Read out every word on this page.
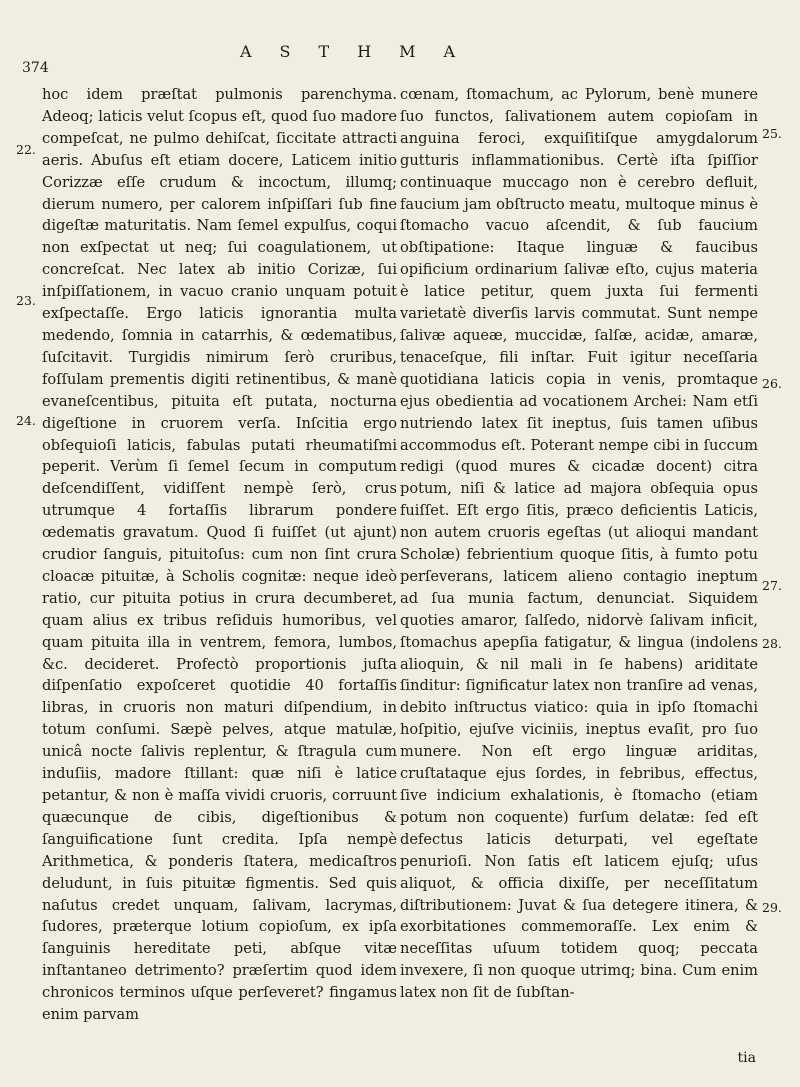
374
ASTHMA
22.
23.
24.

hoc idem præſtat pulmonis parenchyma. Adeoq; laticis velut ſcopus eſt, quod ſuo madore compeſcat, ne pulmo dehiſcat, ſiccitate attracti aeris. Abuſus eſt etiam docere, Laticem initio Corizzæ eſſe crudum & incoctum, illumq; dierum numero, per calorem inſpiſſari ſub fine digeſtæ maturitatis. Nam ſemel expulſus, coqui non exſpectat ut neq; ſui coagulationem, ut concreſcat. Nec latex ab initio Corizæ, ſui inſpiſſationem, in vacuo cranio unquam potuit exſpectaſſe. Ergo laticis ignorantia multa medendo, ſomnia in catarrhis, & œdematibus, ſuſcitavit. Turgidis nimirum ſerò cruribus, foſſulam prementis digiti retinentibus, & manè evaneſcentibus, pituita eſt putata, nocturna digeſtione in cruorem verſa. Inſcitia ergo obſequioſi laticis, fabulas putati rheumatiſmi peperit. Verùm ſi ſemel ſecum in computum deſcendiſſent, vidiſſent nempè ſerò, crus utrumque 4 fortaſſis librarum pondere œdematis gravatum. Quod ſi fuiſſet (ut ajunt) crudior ſanguis, pituitoſus: cum non ſint crura cloacæ pituitæ, à Scholis cognitæ: neque ideò ratio, cur pituita potius in crura decumberet, quam alius ex tribus reſiduis humoribus, vel quam pituita illa in ventrem, femora, lumbos, &c. decideret. Profectò proportionis juſta diſpenſatio expoſceret quotidie 40 fortaſſis libras, in cruoris non maturi diſpendium, in totum conſumi. Sæpè pelves, atque matulæ, unicâ nocte ſalivis replentur, & ſtragula cum induſiis, madore ſtillant: quæ niſi è latice petantur, & non è maſſa vividi cruoris, corruunt quæcunque de cibis, digeſtionibus & ſanguificatione ſunt credita. Ipſa nempè Arithmetica, & ponderis ſtatera, medicaſtros deludunt, in ſuis pituitæ figmentis. Sed quis naſutus credet unquam, ſalivam, lacrymas, ſudores, præterque lotium copioſum, ex ipſa ſanguinis hereditate peti, abſque vitæ inſtantaneo detrimento? præſertim quod idem chronicos terminos uſque perſeveret? fingamus enim parvam

cœnam, ſtomachum, ac Pylorum, benè munere ſuo functos, ſalivationem autem copioſam in anguina feroci, exquiſitiſque amygdalorum gutturis inflammationibus. Certè iſta ſpiſſior continuaque muccago non è cerebro defluit, faucium jam obſtructo meatu, multoque minus è ſtomacho vacuo aſcendit, & ſub faucium obſtipatione: Itaque linguæ & faucibus opificium ordinarium ſalivæ eſto, cujus materia è latice petitur, quem juxta ſui fermenti varietatè diverſis larvis commutat. Sunt nempe ſalivæ aqueæ, muccidæ, ſalſæ, acidæ, amaræ, tenaceſque, fili inſtar. Fuit igitur neceſſaria quotidiana laticis copia in venis, promtaque ejus obedientia ad vocationem Archei: Nam etſi nutriendo latex ſit ineptus, ſuis tamen uſibus accommodus eſt. Poterant nempe cibi in ſuccum redigi (quod mures & cicadæ docent) citra potum, niſi & latice ad majora obſequia opus fuiſſet. Eſt ergo ſitis, præco deficientis Laticis, non autem cruoris egeſtas (ut alioqui mandant Scholæ) febrientium quoque ſitis, à fumto potu perſeverans, laticem alieno contagio ineptum ad ſua munia factum, denunciat. Siquidem quoties amaror, ſalſedo, nidorvè ſalivam inficit, ſtomachus apepſia fatigatur, & lingua (indolens alioquin, & nil mali in ſe habens) ariditate ſinditur: ſignificatur latex non tranſire ad venas, debito inſtructus viatico: quia in ipſo ſtomachi hoſpitio, ejuſve viciniis, ineptus evaſit, pro ſuo munere. Non eſt ergo linguæ ariditas, cruſtataque ejus ſordes, in febribus, effectus, ſive indicium exhalationis, è ſtomacho (etiam potum non coquente) furſum delatæ: ſed eſt defectus laticis deturpati, vel egeſtate penurioſi. Non ſatis eſt laticem ejuſq; uſus aliquot, & officia dixiſſe, per neceſſitatum diſtributionem: Juvat & ſua detegere itinera, & exorbitationes commemoraſſe. Lex enim & neceſſitas uſuum totidem quoq; peccata invexere, ſi non quoque utrimq; bina. Cum enim latex non ſit de ſubſtan-

25.
26.
27.
28.
29.
tia
